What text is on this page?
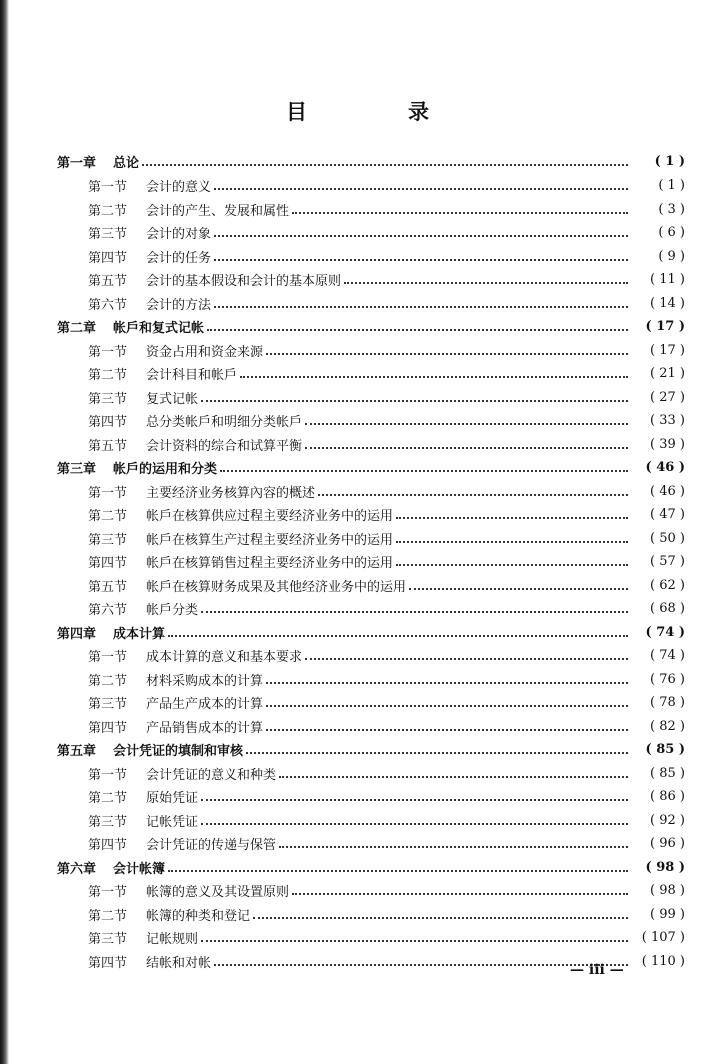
目　录
第一章	总论	( 1 )
第一节	会计的意义	( 1 )
第二节	会计的产生、发展和属性	( 3 )
第三节	会计的对象	( 6 )
第四节	会计的任务	( 9 )
第五节	会计的基本假设和会计的基本原则	( 11 )
第六节	会计的方法	( 14 )
第二章	帐戶和复式记帐	( 17 )
第一节	资金占用和资金来源	( 17 )
第二节	会计科目和帐戶	( 21 )
第三节	复式记帐	( 27 )
第四节	总分类帐戶和明细分类帐戶	( 33 )
第五节	会计资料的综合和试算平衡	( 39 )
第三章	帐戶的运用和分类	( 46 )
第一节	主要经济业务核算內容的概述	( 46 )
第二节	帐戶在核算供应过程主要经济业务中的运用	( 47 )
第三节	帐戶在核算生产过程主要经济业务中的运用	( 50 )
第四节	帐戶在核算销售过程主要经济业务中的运用	( 57 )
第五节	帐戶在核算财务成果及其他经济业务中的运用	( 62 )
第六节	帐戶分类	( 68 )
第四章	成本计算	( 74 )
第一节	成本计算的意义和基本要求	( 74 )
第二节	材料采购成本的计算	( 76 )
第三节	产品生产成本的计算	( 78 )
第四节	产品销售成本的计算	( 82 )
第五章	会计凭证的填制和审核	( 85 )
第一节	会计凭证的意义和种类	( 85 )
第二节	原始凭证	( 86 )
第三节	记帐凭证	( 92 )
第四节	会计凭证的传递与保管	( 96 )
第六章	会计帐簿	( 98 )
第一节	帐簿的意义及其设置原则	( 98 )
第二节	帐簿的种类和登记	( 99 )
第三节	记帐规则	( 107 )
第四节	结帐和对帐	( 110 )
— iii —
